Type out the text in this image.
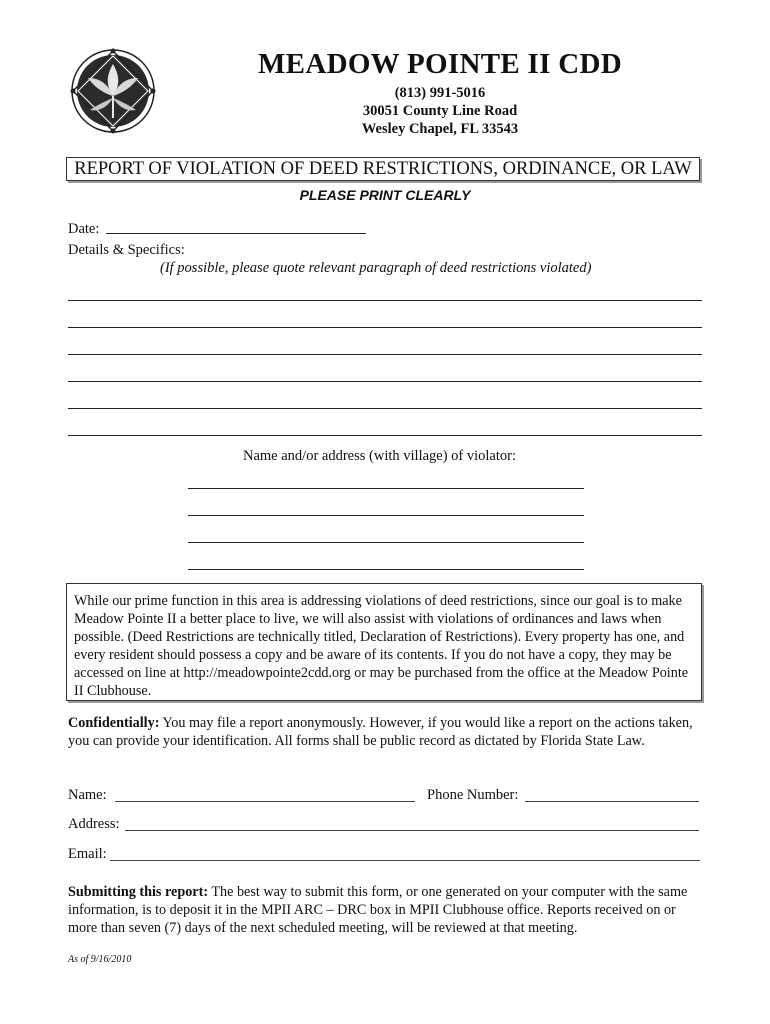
MEADOW POINTE II CDD
(813) 991-5016
30051 County Line Road
Wesley Chapel, FL 33543
REPORT OF VIOLATION OF DEED RESTRICTIONS, ORDINANCE, OR LAW
PLEASE PRINT CLEARLY
Date:
Details & Specifics:
(If possible, please quote relevant paragraph of deed restrictions violated)
Name and/or address (with village) of violator:
While our prime function in this area is addressing violations of deed restrictions, since our goal is to make Meadow Pointe II a better place to live, we will also assist with violations of ordinances and laws when possible. (Deed Restrictions are technically titled, Declaration of Restrictions). Every property has one, and every resident should possess a copy and be aware of its contents. If you do not have a copy, they may be accessed on line at http://meadowpointe2cdd.org or may be purchased from the office at the Meadow Pointe II Clubhouse.
Confidentially: You may file a report anonymously. However, if you would like a report on the actions taken, you can provide your identification. All forms shall be public record as dictated by Florida State Law.
Name:	Phone Number:
Address:
Email:
Submitting this report: The best way to submit this form, or one generated on your computer with the same information, is to deposit it in the MPII ARC – DRC box in MPII Clubhouse office. Reports received on or more than seven (7) days of the next scheduled meeting, will be reviewed at that meeting.
As of 9/16/2010
